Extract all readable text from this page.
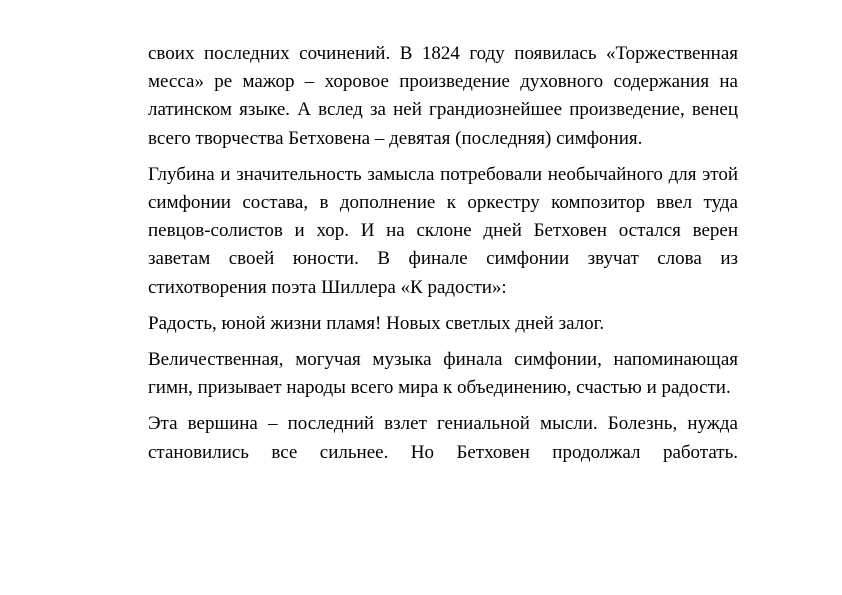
своих последних сочинений. В 1824 году появилась «Торжественная месса» ре мажор – хоровое произведение духовного содержания на латинском языке. А вслед за ней грандиознейшее произведение, венец всего творчества Бетховена – девятая (последняя) симфония.

Глубина и значительность замысла потребовали необычайного для этой симфонии состава, в дополнение к оркестру композитор ввел туда певцов-солистов и хор. И на склоне дней Бетховен остался верен заветам своей юности. В финале симфонии звучат слова из стихотворения поэта Шиллера «К радости»:

Радость, юной жизни пламя! Новых светлых дней залог.

Величественная, могучая музыка финала симфонии, напоминающая гимн, призывает народы всего мира к объединению, счастью и радости.

Эта вершина – последний взлет гениальной мысли. Болезнь, нужда становились все сильнее. Но Бетховен продолжал работать.
